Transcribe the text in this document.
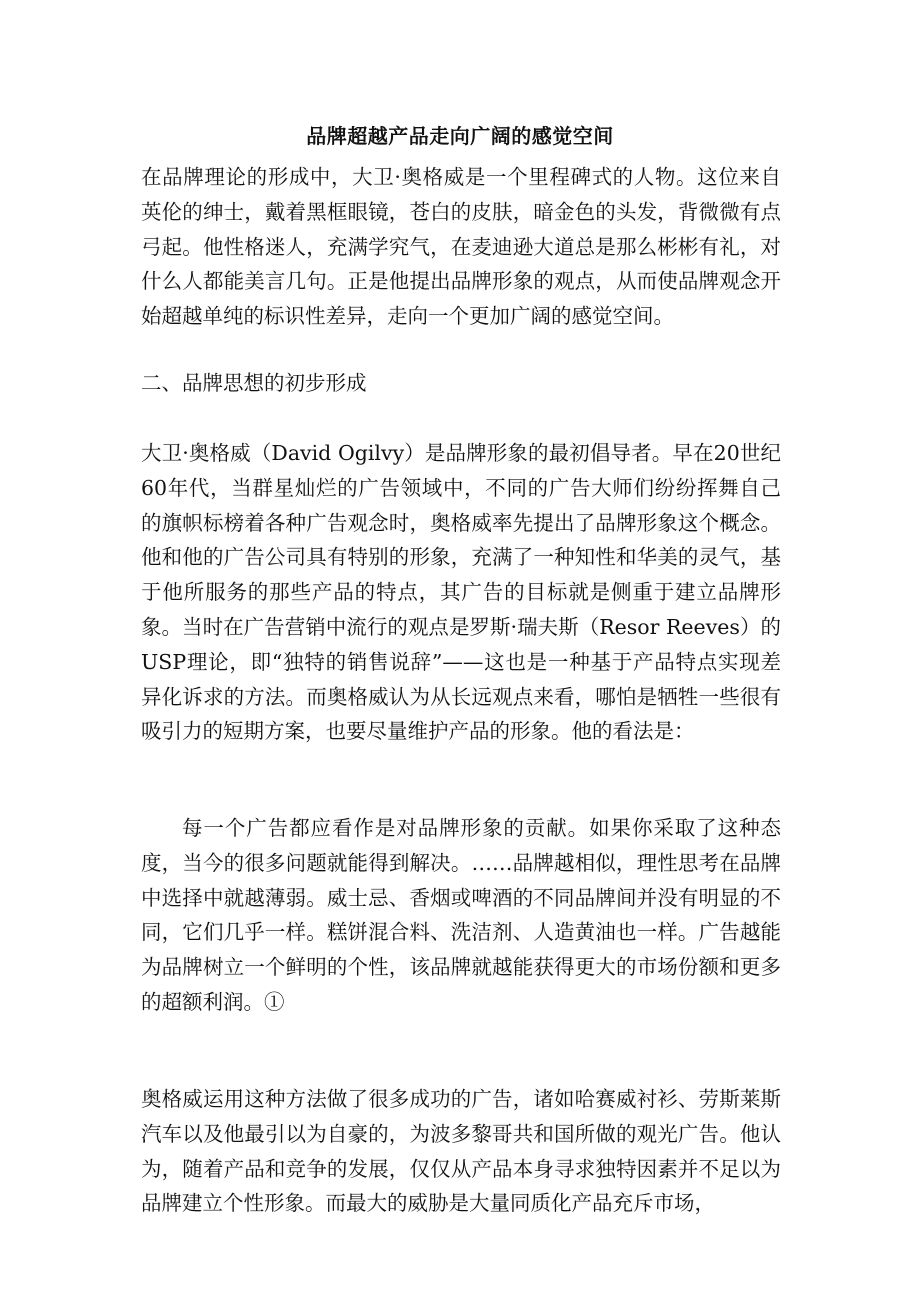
品牌超越产品走向广阔的感觉空间

在品牌理论的形成中，大卫·奥格威是一个里程碑式的人物。这位来自英伦的绅士，戴着黑框眼镜，苍白的皮肤，暗金色的头发，背微微有点弓起。他性格迷人，充满学究气，在麦迪逊大道总是那么彬彬有礼，对什么人都能美言几句。正是他提出品牌形象的观点，从而使品牌观念开始超越单纯的标识性差异，走向一个更加广阔的感觉空间。

二、品牌思想的初步形成

大卫·奥格威（David Ogilvy）是品牌形象的最初倡导者。早在20世纪60年代，当群星灿烂的广告领域中，不同的广告大师们纷纷挥舞自己的旗帜标榜着各种广告观念时，奥格威率先提出了品牌形象这个概念。他和他的广告公司具有特别的形象，充满了一种知性和华美的灵气，基于他所服务的那些产品的特点，其广告的目标就是侧重于建立品牌形象。当时在广告营销中流行的观点是罗斯·瑞夫斯（Resor Reeves）的USP理论，即“独特的销售说辞”——这也是一种基于产品特点实现差异化诉求的方法。而奥格威认为从长远观点来看，哪怕是牺牲一些很有吸引力的短期方案，也要尽量维护产品的形象。他的看法是：

每一个广告都应看作是对品牌形象的贡献。如果你采取了这种态度，当今的很多问题就能得到解决。……品牌越相似，理性思考在品牌中选择中就越薄弱。威士忌、香烟或啤酒的不同品牌间并没有明显的不同，它们几乎一样。糕饼混合料、洗洁剂、人造黄油也一样。广告越能为品牌树立一个鲜明的个性，该品牌就越能获得更大的市场份额和更多的超额利润。①

奥格威运用这种方法做了很多成功的广告，诸如哈赛威衬衫、劳斯莱斯汽车以及他最引以为自豪的，为波多黎哥共和国所做的观光广告。他认为，随着产品和竞争的发展，仅仅从产品本身寻求独特因素并不足以为品牌建立个性形象。而最大的威胁是大量同质化产品充斥市场，
